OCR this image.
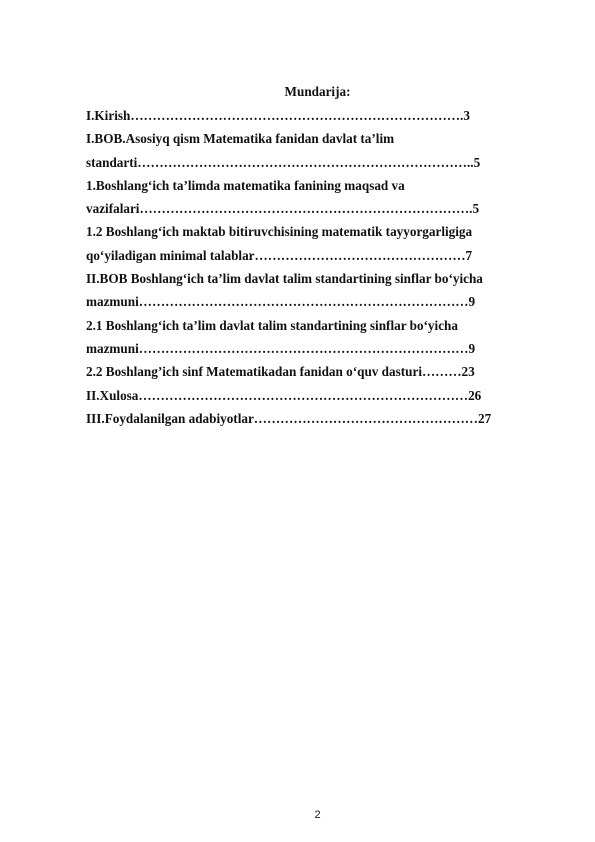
Mundarija:
I.Kirish………………………………………………………………….3
I.BOB.Asosiyq qism Matematika fanidan davlat ta’lim
standarti…………………………………………………………………..5
1.Boshlang‘ich ta’limda matematika fanining maqsad va
vazifalari………………………………………………………………….5
1.2 Boshlang‘ich maktab bitiruvchisining matematik tayyorgarligiga
qo‘yiladigan minimal talablar…………………………………………7
II.BOB Boshlang‘ich ta’lim davlat talim standartining sinflar bo‘yicha
mazmuni…………………………………………………………………9
2.1 Boshlang‘ich ta’lim davlat talim standartining sinflar bo‘yicha
mazmuni…………………………………………………………………9
2.2 Boshlang’ich sinf Matematikadan fanidan o‘quv dasturi………23
II.Xulosa…………………………………………………………………26
III.Foydalanilgan adabiyotlar……………………………………………27
2
